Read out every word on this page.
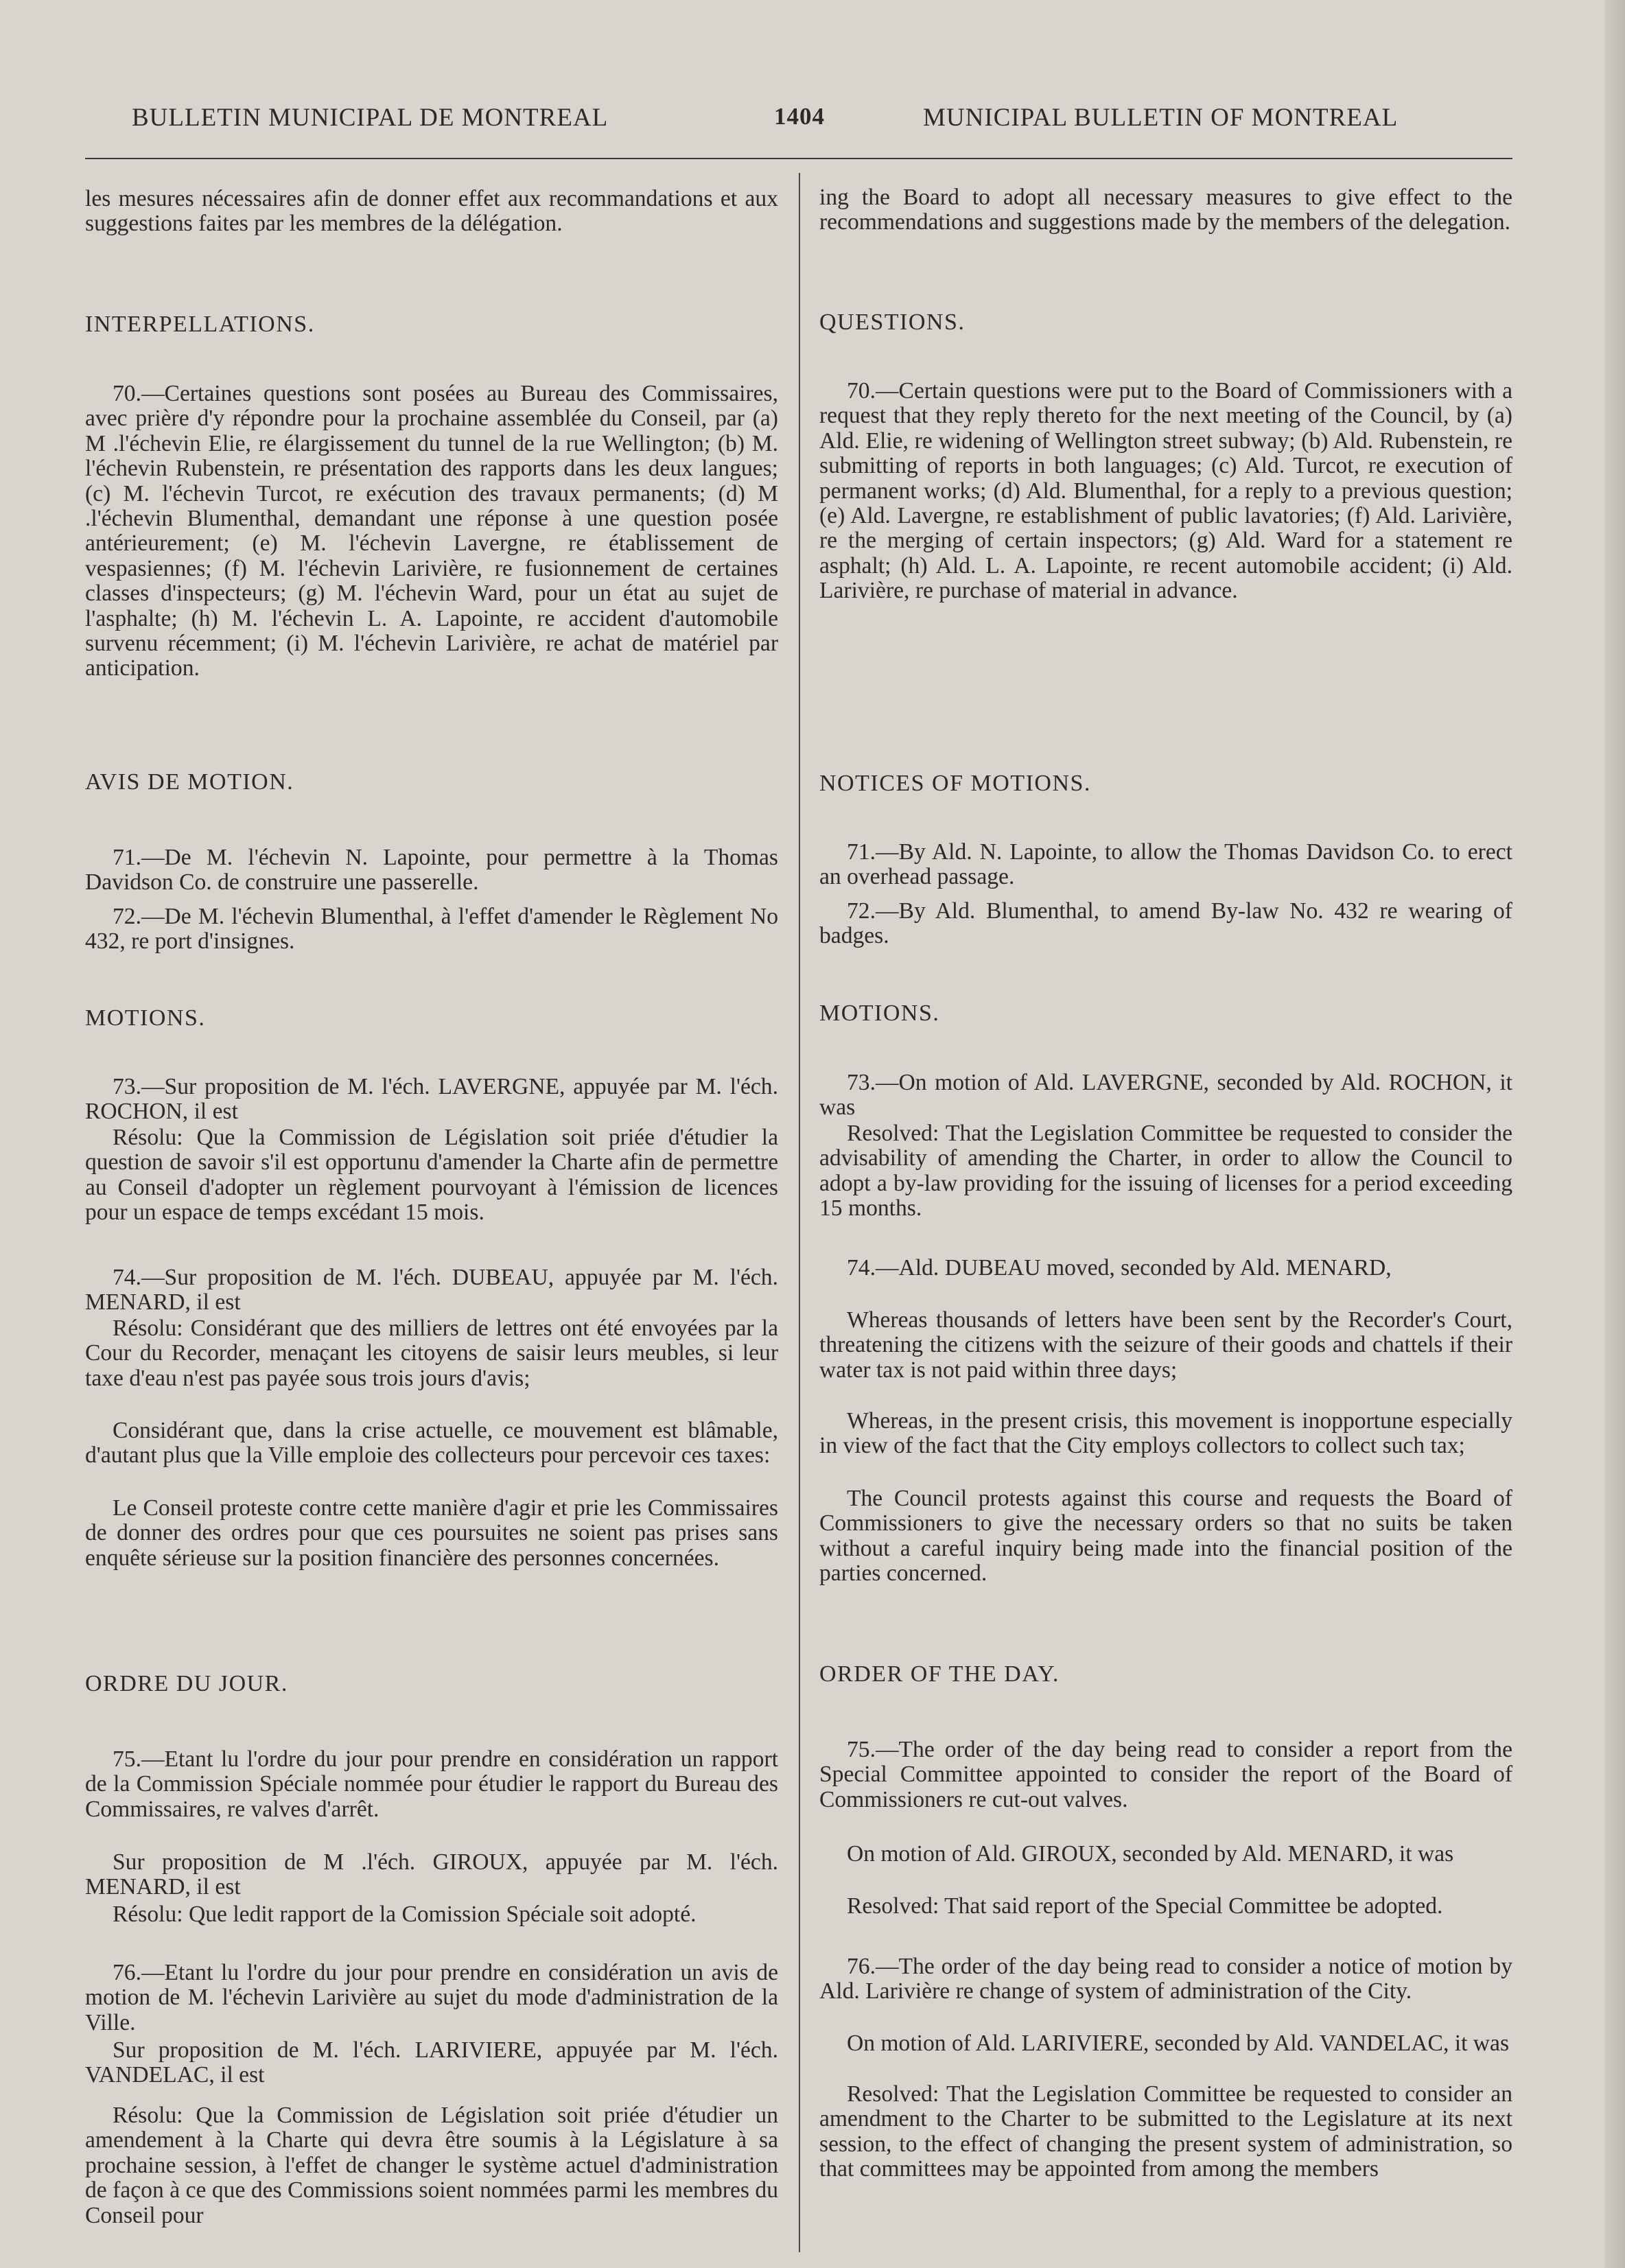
BULLETIN MUNICIPAL DE MONTREAL	1404	MUNICIPAL BULLETIN OF MONTREAL

les mesures nécessaires afin de donner effet aux recommandations et aux suggestions faites par les membres de la délégation.

INTERPELLATIONS.

70.—Certaines questions sont posées au Bureau des Commissaires, avec prière d'y répondre pour la prochaine assemblée du Conseil, par (a) M .l'échevin Elie, re élargissement du tunnel de la rue Wellington; (b) M. l'échevin Rubenstein, re présentation des rapports dans les deux langues; (c) M. l'échevin Turcot, re exécution des travaux permanents; (d) M .l'échevin Blumenthal, demandant une réponse à une question posée antérieurement; (e) M. l'échevin Lavergne, re établissement de vespasiennes; (f) M. l'échevin Larivière, re fusionnement de certaines classes d'inspecteurs; (g) M. l'échevin Ward, pour un état au sujet de l'asphalte; (h) M. l'échevin L. A. Lapointe, re accident d'automobile survenu récemment; (i) M. l'échevin Larivière, re achat de matériel par anticipation.

AVIS DE MOTION.

71.—De M. l'échevin N. Lapointe, pour permettre à la Thomas Davidson Co. de construire une passerelle.

72.—De M. l'échevin Blumenthal, à l'effet d'amender le Règlement No 432, re port d'insignes.

MOTIONS.

73.—Sur proposition de M. l'éch. LAVERGNE, appuyée par M. l'éch. ROCHON, il est

Résolu: Que la Commission de Législation soit priée d'étudier la question de savoir s'il est opportunu d'amender la Charte afin de permettre au Conseil d'adopter un règlement pourvoyant à l'émission de licences pour un espace de temps excédant 15 mois.

74.—Sur proposition de M. l'éch. DUBEAU, appuyée par M. l'éch. MENARD, il est

Résolu: Considérant que des milliers de lettres ont été envoyées par la Cour du Recorder, menaçant les citoyens de saisir leurs meubles, si leur taxe d'eau n'est pas payée sous trois jours d'avis;

Considérant que, dans la crise actuelle, ce mouvement est blâmable, d'autant plus que la Ville emploie des collecteurs pour percevoir ces taxes:

Le Conseil proteste contre cette manière d'agir et prie les Commissaires de donner des ordres pour que ces poursuites ne soient pas prises sans enquête sérieuse sur la position financière des personnes concernées.

ORDRE DU JOUR.

75.—Etant lu l'ordre du jour pour prendre en considération un rapport de la Commission Spéciale nommée pour étudier le rapport du Bureau des Commissaires, re valves d'arrêt.

Sur proposition de M .l'éch. GIROUX, appuyée par M. l'éch. MENARD, il est

Résolu: Que ledit rapport de la Comission Spéciale soit adopté.

76.—Etant lu l'ordre du jour pour prendre en considération un avis de motion de M. l'échevin Larivière au sujet du mode d'administration de la Ville.

Sur proposition de M. l'éch. LARIVIERE, appuyée par M. l'éch. VANDELAC, il est

Résolu: Que la Commission de Législation soit priée d'étudier un amendement à la Charte qui devra être soumis à la Législature à sa prochaine session, à l'effet de changer le système actuel d'administration de façon à ce que des Commissions soient nommées parmi les membres du Conseil pour

ing the Board to adopt all necessary measures to give effect to the recommendations and suggestions made by the members of the delegation.

QUESTIONS.

70.—Certain questions were put to the Board of Commissioners with a request that they reply thereto for the next meeting of the Council, by (a) Ald. Elie, re widening of Wellington street subway; (b) Ald. Rubenstein, re submitting of reports in both languages; (c) Ald. Turcot, re execution of permanent works; (d) Ald. Blumenthal, for a reply to a previous question; (e) Ald. Lavergne, re establishment of public lavatories; (f) Ald. Larivière, re the merging of certain inspectors; (g) Ald. Ward for a statement re asphalt; (h) Ald. L. A. Lapointe, re recent automobile accident; (i) Ald. Larivière, re purchase of material in advance.

NOTICES OF MOTIONS.

71.—By Ald. N. Lapointe, to allow the Thomas Davidson Co. to erect an overhead passage.

72.—By Ald. Blumenthal, to amend By-law No. 432 re wearing of badges.

MOTIONS.

73.—On motion of Ald. LAVERGNE, seconded by Ald. ROCHON, it was

Resolved: That the Legislation Committee be requested to consider the advisability of amending the Charter, in order to allow the Council to adopt a by-law providing for the issuing of licenses for a period exceeding 15 months.

74.—Ald. DUBEAU moved, seconded by Ald. MENARD,

Whereas thousands of letters have been sent by the Recorder's Court, threatening the citizens with the seizure of their goods and chattels if their water tax is not paid within three days;

Whereas, in the present crisis, this movement is inopportune especially in view of the fact that the City employs collectors to collect such tax;

The Council protests against this course and requests the Board of Commissioners to give the necessary orders so that no suits be taken without a careful inquiry being made into the financial position of the parties concerned.

ORDER OF THE DAY.

75.—The order of the day being read to consider a report from the Special Committee appointed to consider the report of the Board of Commissioners re cut-out valves.

On motion of Ald. GIROUX, seconded by Ald. MENARD, it was

Resolved: That said report of the Special Committee be adopted.

76.—The order of the day being read to consider a notice of motion by Ald. Larivière re change of system of administration of the City.

On motion of Ald. LARIVIERE, seconded by Ald. VANDELAC, it was

Resolved: That the Legislation Committee be requested to consider an amendment to the Charter to be submitted to the Legislature at its next session, to the effect of changing the present system of administration, so that committees may be appointed from among the members
